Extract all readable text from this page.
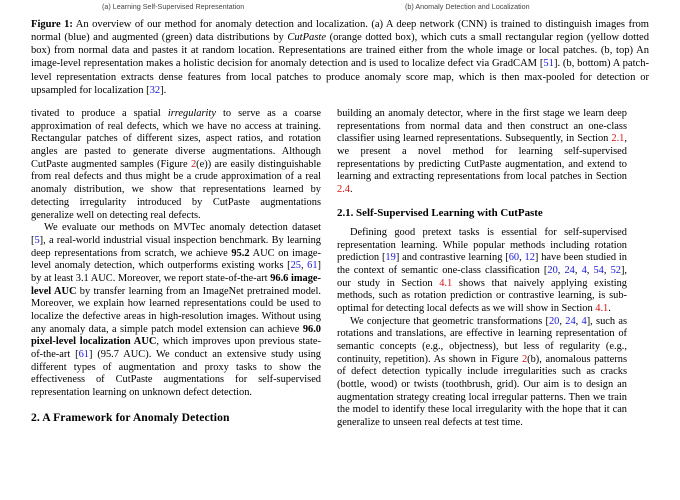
(a) Learning Self-Supervised Representation	(b) Anomaly Detection and Localization
Figure 1: An overview of our method for anomaly detection and localization. (a) A deep network (CNN) is trained to distinguish images from normal (blue) and augmented (green) data distributions by CutPaste (orange dotted box), which cuts a small rectangular region (yellow dotted box) from normal data and pastes it at random location. Representations are trained either from the whole image or local patches. (b, top) An image-level representation makes a holistic decision for anomaly detection and is used to localize defect via GradCAM [51]. (b, bottom) A patch-level representation extracts dense features from local patches to produce anomaly score map, which is then max-pooled for detection or upsampled for localization [32].

tivated to produce a spatial irregularity to serve as a coarse approximation of real defects, which we have no access at training. Rectangular patches of different sizes, aspect ratios, and rotation angles are pasted to generate diverse augmentations. Although CutPaste augmented samples (Figure 2(e)) are easily distinguishable from real defects and thus might be a crude approximation of a real anomaly distribution, we show that representations learned by detecting irregularity introduced by CutPaste augmentations generalize well on detecting real defects.

We evaluate our methods on MVTec anomaly detection dataset [5], a real-world industrial visual inspection benchmark. By learning deep representations from scratch, we achieve 95.2 AUC on image-level anomaly detection, which outperforms existing works [25, 61] by at least 3.1 AUC. Moreover, we report state-of-the-art 96.6 image-level AUC by transfer learning from an ImageNet pretrained model. Moreover, we explain how learned representations could be used to localize the defective areas in high-resolution images. Without using any anomaly data, a simple patch model extension can achieve 96.0 pixel-level localization AUC, which improves upon previous state-of-the-art [61] (95.7 AUC). We conduct an extensive study using different types of augmentation and proxy tasks to show the effectiveness of CutPaste augmentations for self-supervised representation learning on unknown defect detection.

2. A Framework for Anomaly Detection

building an anomaly detector, where in the first stage we learn deep representations from normal data and then construct an one-class classifier using learned representations. Subsequently, in Section 2.1, we present a novel method for learning self-supervised representations by predicting CutPaste augmentation, and extend to learning and extracting representations from local patches in Section 2.4.

2.1. Self-Supervised Learning with CutPaste

Defining good pretext tasks is essential for self-supervised representation learning. While popular methods including rotation prediction [19] and contrastive learning [60, 12] have been studied in the context of semantic one-class classification [20, 24, 4, 54, 52], our study in Section 4.1 shows that naively applying existing methods, such as rotation prediction or contrastive learning, is sub-optimal for detecting local defects as we will show in Section 4.1.

We conjecture that geometric transformations [20, 24, 4], such as rotations and translations, are effective in learning representation of semantic concepts (e.g., objectness), but less of regularity (e.g., continuity, repetition). As shown in Figure 2(b), anomalous patterns of defect detection typically include irregularities such as cracks (bottle, wood) or twists (toothbrush, grid). Our aim is to design an augmentation strategy creating local irregular patterns. Then we train the model to identify these local irregularity with the hope that it can generalize to unseen real defects at test time.
